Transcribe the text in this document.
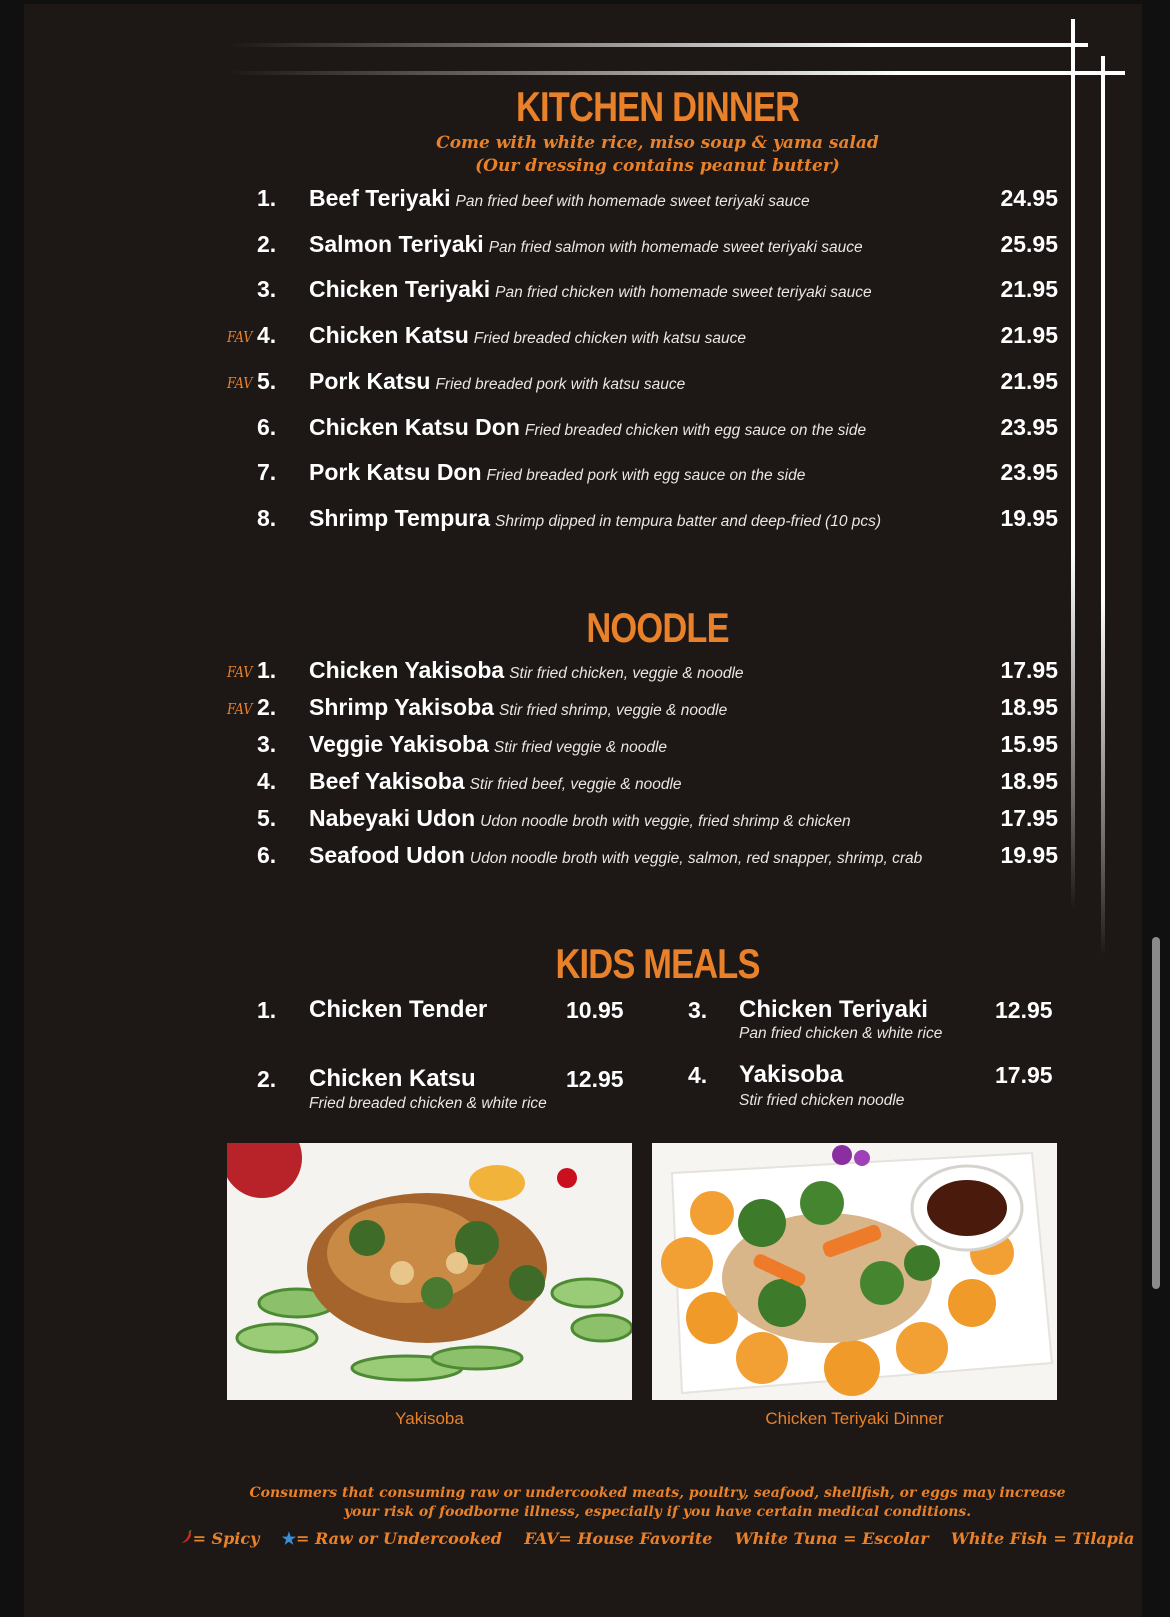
KITCHEN DINNER
Come with white rice, miso soup & yama salad
(Our dressing contains peanut butter)
1. Beef Teriyaki Pan fried beef with homemade sweet teriyaki sauce	24.95
2. Salmon Teriyaki Pan fried salmon with homemade sweet teriyaki sauce	25.95
3. Chicken Teriyaki Pan fried chicken with homemade sweet teriyaki sauce	21.95
FAV 4. Chicken Katsu Fried breaded chicken with katsu sauce	21.95
FAV 5. Pork Katsu Fried breaded pork with katsu sauce	21.95
6. Chicken Katsu Don Fried breaded chicken with egg sauce on the side	23.95
7. Pork Katsu Don Fried breaded pork with egg sauce on the side	23.95
8. Shrimp Tempura Shrimp dipped in tempura batter and deep-fried (10 pcs)	19.95
NOODLE
FAV 1. Chicken Yakisoba Stir fried chicken, veggie & noodle	17.95
FAV 2. Shrimp Yakisoba Stir fried shrimp, veggie & noodle	18.95
3. Veggie Yakisoba Stir fried veggie & noodle	15.95
4. Beef Yakisoba Stir fried beef, veggie & noodle	18.95
5. Nabeyaki Udon Udon noodle broth with veggie, fried shrimp & chicken	17.95
6. Seafood Udon Udon noodle broth with veggie, salmon, red snapper, shrimp, crab	19.95
KIDS MEALS
1. Chicken Tender	10.95
2. Chicken Katsu	12.95
Fried breaded chicken & white rice
3. Chicken Teriyaki	12.95
Pan fried chicken & white rice
4. Yakisoba	17.95
Stir fried chicken noodle
Yakisoba	Chicken Teriyaki Dinner
Consumers that consuming raw or undercooked meats, poultry, seafood, shellfish, or eggs may increase
your risk of foodborne illness, especially if you have certain medical conditions.
= Spicy ★= Raw or Undercooked FAV= House Favorite White Tuna = Escolar White Fish = Tilapia
